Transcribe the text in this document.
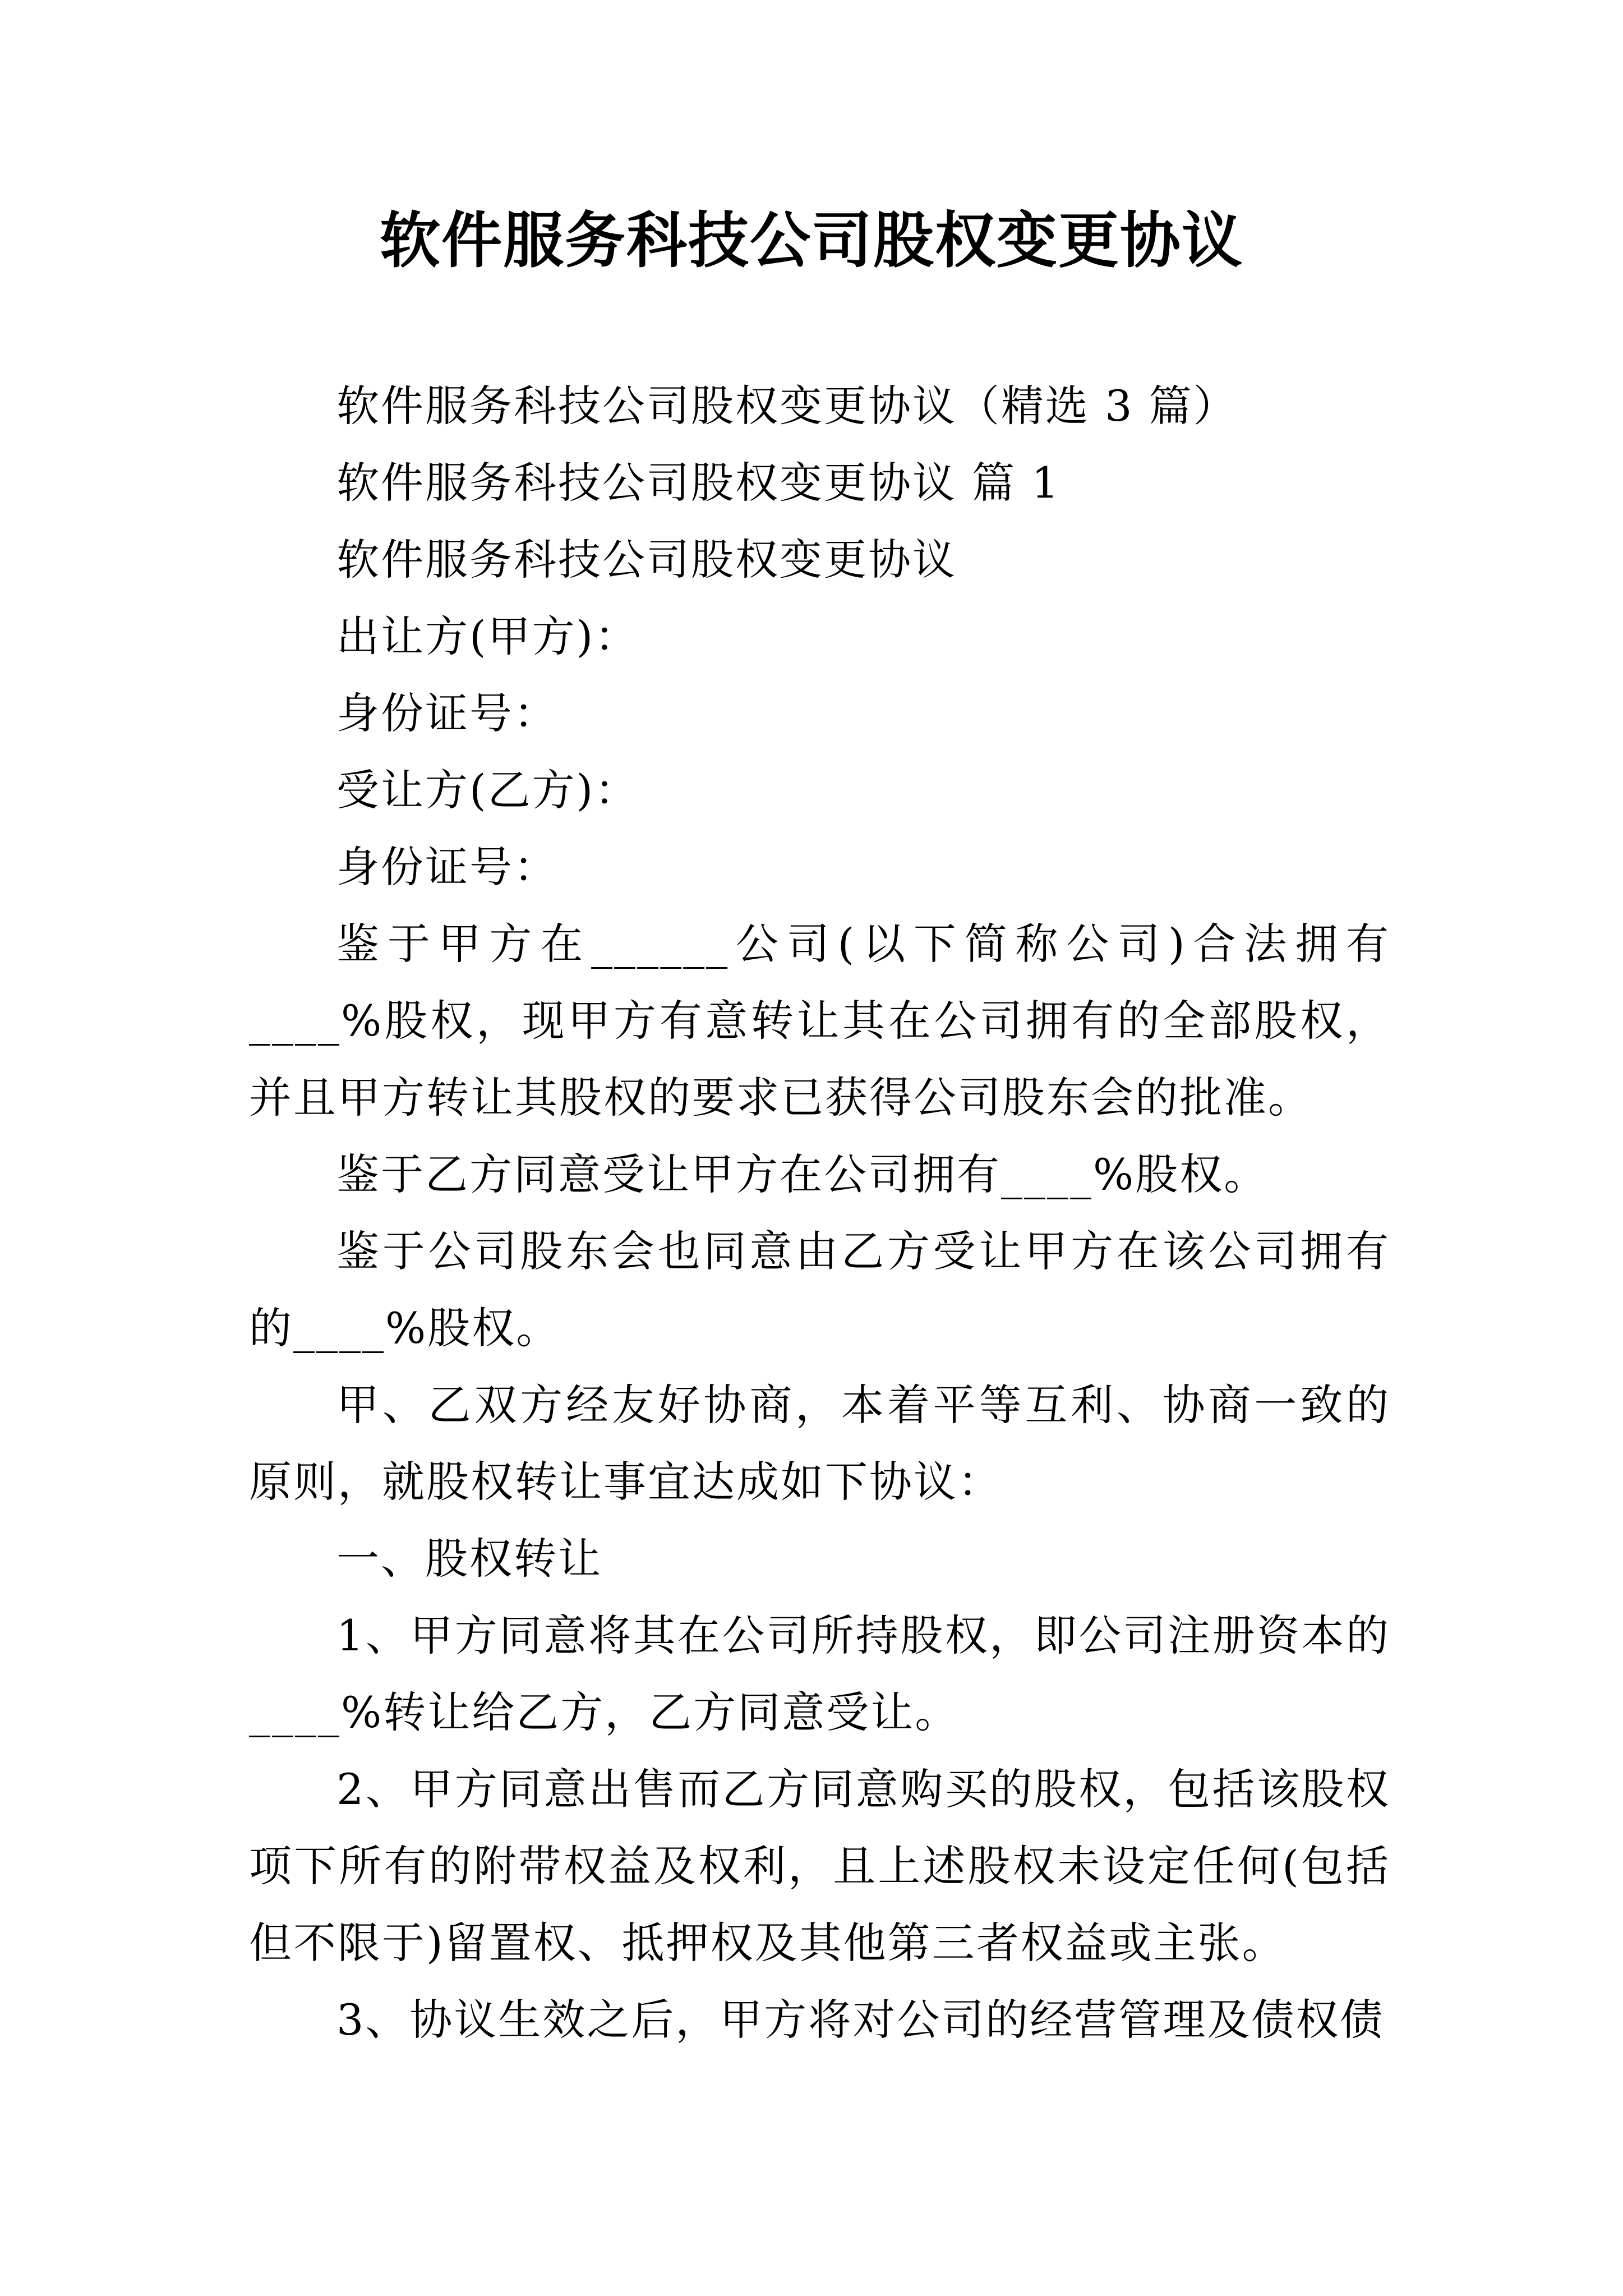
软件服务科技公司股权变更协议

软件服务科技公司股权变更协议（精选 3 篇）

软件服务科技公司股权变更协议 篇 1

软件服务科技公司股权变更协议

出让方(甲方)：

身份证号：

受让方(乙方)：

身份证号：

鉴于甲方在______公司(以下简称公司)合法拥有____%股权，现甲方有意转让其在公司拥有的全部股权，并且甲方转让其股权的要求已获得公司股东会的批准。

鉴于乙方同意受让甲方在公司拥有____%股权。

鉴于公司股东会也同意由乙方受让甲方在该公司拥有的____%股权。

甲、乙双方经友好协商，本着平等互利、协商一致的原则，就股权转让事宜达成如下协议：

一、股权转让

1、甲方同意将其在公司所持股权，即公司注册资本的____%转让给乙方，乙方同意受让。

2、甲方同意出售而乙方同意购买的股权，包括该股权项下所有的附带权益及权利，且上述股权未设定任何(包括但不限于)留置权、抵押权及其他第三者权益或主张。

3、协议生效之后，甲方将对公司的经营管理及债权债
